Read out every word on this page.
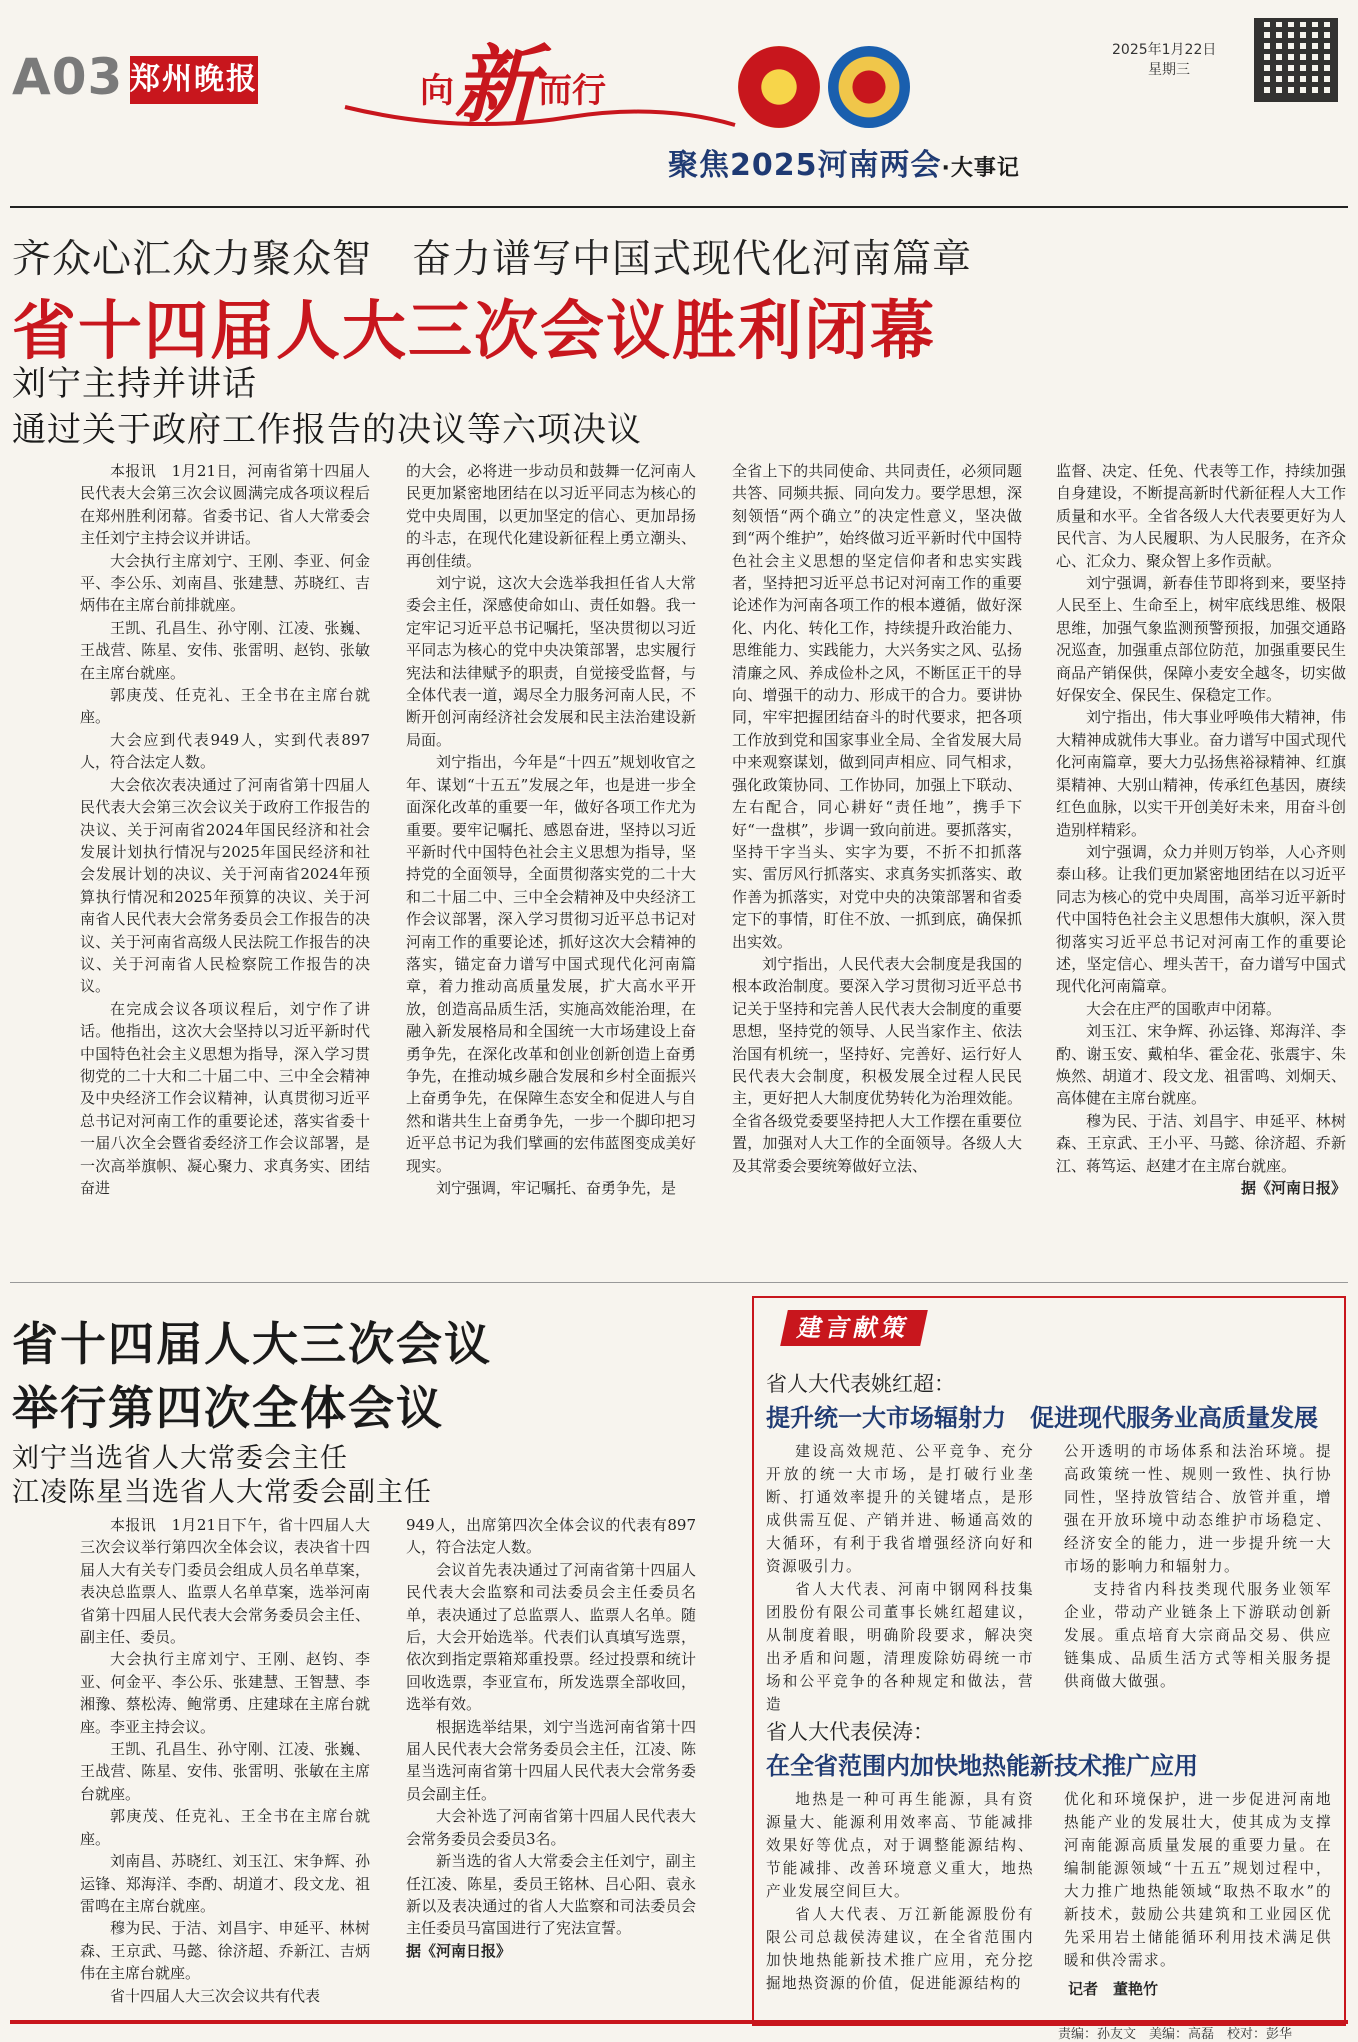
A03 郑州晚报	向新而行
聚焦2025河南两会·大事记
2025年1月22日
星期三
齐众心汇众力聚众智　奋力谱写中国式现代化河南篇章
省十四届人大三次会议胜利闭幕
刘宁主持并讲话
通过关于政府工作报告的决议等六项决议

本报讯　1月21日，河南省第十四届人民代表大会第三次会议圆满完成各项议程后在郑州胜利闭幕。省委书记、省人大常委会主任刘宁主持会议并讲话。

大会执行主席刘宁、王刚、李亚、何金平、李公乐、刘南昌、张建慧、苏晓红、吉炳伟在主席台前排就座。

王凯、孔昌生、孙守刚、江凌、张巍、王战营、陈星、安伟、张雷明、赵钧、张敏在主席台就座。

郭庚茂、任克礼、王全书在主席台就座。

大会应到代表949人，实到代表897人，符合法定人数。

大会依次表决通过了河南省第十四届人民代表大会第三次会议关于政府工作报告的决议、关于河南省2024年国民经济和社会发展计划执行情况与2025年国民经济和社会发展计划的决议、关于河南省2024年预算执行情况和2025年预算的决议、关于河南省人民代表大会常务委员会工作报告的决议、关于河南省高级人民法院工作报告的决议、关于河南省人民检察院工作报告的决议。

在完成会议各项议程后，刘宁作了讲话。他指出，这次大会坚持以习近平新时代中国特色社会主义思想为指导，深入学习贯彻党的二十大和二十届二中、三中全会精神及中央经济工作会议精神，认真贯彻习近平总书记对河南工作的重要论述，落实省委十一届八次全会暨省委经济工作会议部署，是一次高举旗帜、凝心聚力、求真务实、团结奋进

的大会，必将进一步动员和鼓舞一亿河南人民更加紧密地团结在以习近平同志为核心的党中央周围，以更加坚定的信心、更加昂扬的斗志，在现代化建设新征程上勇立潮头、再创佳绩。

刘宁说，这次大会选举我担任省人大常委会主任，深感使命如山、责任如磐。我一定牢记习近平总书记嘱托，坚决贯彻以习近平同志为核心的党中央决策部署，忠实履行宪法和法律赋予的职责，自觉接受监督，与全体代表一道，竭尽全力服务河南人民，不断开创河南经济社会发展和民主法治建设新局面。

刘宁指出，今年是“十四五”规划收官之年、谋划“十五五”发展之年，也是进一步全面深化改革的重要一年，做好各项工作尤为重要。要牢记嘱托、感恩奋进，坚持以习近平新时代中国特色社会主义思想为指导，坚持党的全面领导，全面贯彻落实党的二十大和二十届二中、三中全会精神及中央经济工作会议部署，深入学习贯彻习近平总书记对河南工作的重要论述，抓好这次大会精神的落实，锚定奋力谱写中国式现代化河南篇章，着力推动高质量发展，扩大高水平开放，创造高品质生活，实施高效能治理，在融入新发展格局和全国统一大市场建设上奋勇争先，在深化改革和创业创新创造上奋勇争先，在推动城乡融合发展和乡村全面振兴上奋勇争先，在保障生态安全和促进人与自然和谐共生上奋勇争先，一步一个脚印把习近平总书记为我们擘画的宏伟蓝图变成美好现实。

刘宁强调，牢记嘱托、奋勇争先，是

全省上下的共同使命、共同责任，必须同题共答、同频共振、同向发力。要学思想，深刻领悟“两个确立”的决定性意义，坚决做到“两个维护”，始终做习近平新时代中国特色社会主义思想的坚定信仰者和忠实实践者，坚持把习近平总书记对河南工作的重要论述作为河南各项工作的根本遵循，做好深化、内化、转化工作，持续提升政治能力、思维能力、实践能力，大兴务实之风、弘扬清廉之风、养成俭朴之风，不断匡正干的导向、增强干的动力、形成干的合力。要讲协同，牢牢把握团结奋斗的时代要求，把各项工作放到党和国家事业全局、全省发展大局中来观察谋划，做到同声相应、同气相求，强化政策协同、工作协同，加强上下联动、左右配合，同心耕好“责任地”，携手下好“一盘棋”，步调一致向前进。要抓落实，坚持干字当头、实字为要，不折不扣抓落实、雷厉风行抓落实、求真务实抓落实、敢作善为抓落实，对党中央的决策部署和省委定下的事情，盯住不放、一抓到底，确保抓出实效。

刘宁指出，人民代表大会制度是我国的根本政治制度。要深入学习贯彻习近平总书记关于坚持和完善人民代表大会制度的重要思想，坚持党的领导、人民当家作主、依法治国有机统一，坚持好、完善好、运行好人民代表大会制度，积极发展全过程人民民主，更好把人大制度优势转化为治理效能。全省各级党委要坚持把人大工作摆在重要位置，加强对人大工作的全面领导。各级人大及其常委会要统筹做好立法、

监督、决定、任免、代表等工作，持续加强自身建设，不断提高新时代新征程人大工作质量和水平。全省各级人大代表要更好为人民代言、为人民履职、为人民服务，在齐众心、汇众力、聚众智上多作贡献。

刘宁强调，新春佳节即将到来，要坚持人民至上、生命至上，树牢底线思维、极限思维，加强气象监测预警预报，加强交通路况巡查，加强重点部位防范，加强重要民生商品产销保供，保障小麦安全越冬，切实做好保安全、保民生、保稳定工作。

刘宁指出，伟大事业呼唤伟大精神，伟大精神成就伟大事业。奋力谱写中国式现代化河南篇章，要大力弘扬焦裕禄精神、红旗渠精神、大别山精神，传承红色基因，赓续红色血脉，以实干开创美好未来，用奋斗创造别样精彩。

刘宁强调，众力并则万钧举，人心齐则泰山移。让我们更加紧密地团结在以习近平同志为核心的党中央周围，高举习近平新时代中国特色社会主义思想伟大旗帜，深入贯彻落实习近平总书记对河南工作的重要论述，坚定信心、埋头苦干，奋力谱写中国式现代化河南篇章。

大会在庄严的国歌声中闭幕。

刘玉江、宋争辉、孙运锋、郑海洋、李酌、谢玉安、戴柏华、霍金花、张震宇、朱焕然、胡道才、段文龙、祖雷鸣、刘炯天、高体健在主席台就座。

穆为民、于洁、刘昌宇、申延平、林树森、王京武、王小平、马懿、徐济超、乔新江、蒋笃运、赵建才在主席台就座。

据《河南日报》

省十四届人大三次会议
举行第四次全体会议
刘宁当选省人大常委会主任
江凌陈星当选省人大常委会副主任

本报讯　1月21日下午，省十四届人大三次会议举行第四次全体会议，表决省十四届人大有关专门委员会组成人员名单草案，表决总监票人、监票人名单草案，选举河南省第十四届人民代表大会常务委员会主任、副主任、委员。

大会执行主席刘宁、王刚、赵钧、李亚、何金平、李公乐、张建慧、王智慧、李湘豫、蔡松涛、鲍常勇、庄建球在主席台就座。李亚主持会议。

王凯、孔昌生、孙守刚、江凌、张巍、王战营、陈星、安伟、张雷明、张敏在主席台就座。

郭庚茂、任克礼、王全书在主席台就座。

刘南昌、苏晓红、刘玉江、宋争辉、孙运锋、郑海洋、李酌、胡道才、段文龙、祖雷鸣在主席台就座。

穆为民、于洁、刘昌宇、申延平、林树森、王京武、马懿、徐济超、乔新江、吉炳伟在主席台就座。

省十四届人大三次会议共有代表

949人，出席第四次全体会议的代表有897人，符合法定人数。

会议首先表决通过了河南省第十四届人民代表大会监察和司法委员会主任委员名单，表决通过了总监票人、监票人名单。随后，大会开始选举。代表们认真填写选票，依次到指定票箱郑重投票。经过投票和统计回收选票，李亚宣布，所发选票全部收回，选举有效。

根据选举结果，刘宁当选河南省第十四届人民代表大会常务委员会主任，江凌、陈星当选河南省第十四届人民代表大会常务委员会副主任。

大会补选了河南省第十四届人民代表大会常务委员会委员3名。

新当选的省人大常委会主任刘宁，副主任江凌、陈星，委员王铭林、吕心阳、袁永新以及表决通过的省人大监察和司法委员会主任委员马富国进行了宪法宣誓。

据《河南日报》

建言献策
省人大代表姚红超：
提升统一大市场辐射力　促进现代服务业高质量发展

建设高效规范、公平竞争、充分开放的统一大市场，是打破行业垄断、打通效率提升的关键堵点，是形成供需互促、产销并进、畅通高效的大循环，有利于我省增强经济向好和资源吸引力。

省人大代表、河南中钢网科技集团股份有限公司董事长姚红超建议，从制度着眼，明确阶段要求，解决突出矛盾和问题，清理废除妨碍统一市场和公平竞争的各种规定和做法，营造

公开透明的市场体系和法治环境。提高政策统一性、规则一致性、执行协同性，坚持放管结合、放管并重，增强在开放环境中动态维护市场稳定、经济安全的能力，进一步提升统一大市场的影响力和辐射力。

支持省内科技类现代服务业领军企业，带动产业链条上下游联动创新发展。重点培育大宗商品交易、供应链集成、品质生活方式等相关服务提供商做大做强。

省人大代表侯涛：
在全省范围内加快地热能新技术推广应用

地热是一种可再生能源，具有资源量大、能源利用效率高、节能减排效果好等优点，对于调整能源结构、节能减排、改善环境意义重大，地热产业发展空间巨大。

省人大代表、万江新能源股份有限公司总裁侯涛建议，在全省范围内加快地热能新技术推广应用，充分挖掘地热资源的价值，促进能源结构的

优化和环境保护，进一步促进河南地热能产业的发展壮大，使其成为支撑河南能源高质量发展的重要力量。在编制能源领域“十五五”规划过程中，大力推广地热能领域“取热不取水”的新技术，鼓励公共建筑和工业园区优先采用岩土储能循环利用技术满足供暖和供冷需求。

记者　董艳竹
责编：孙友文　美编：高磊　校对：彭华
